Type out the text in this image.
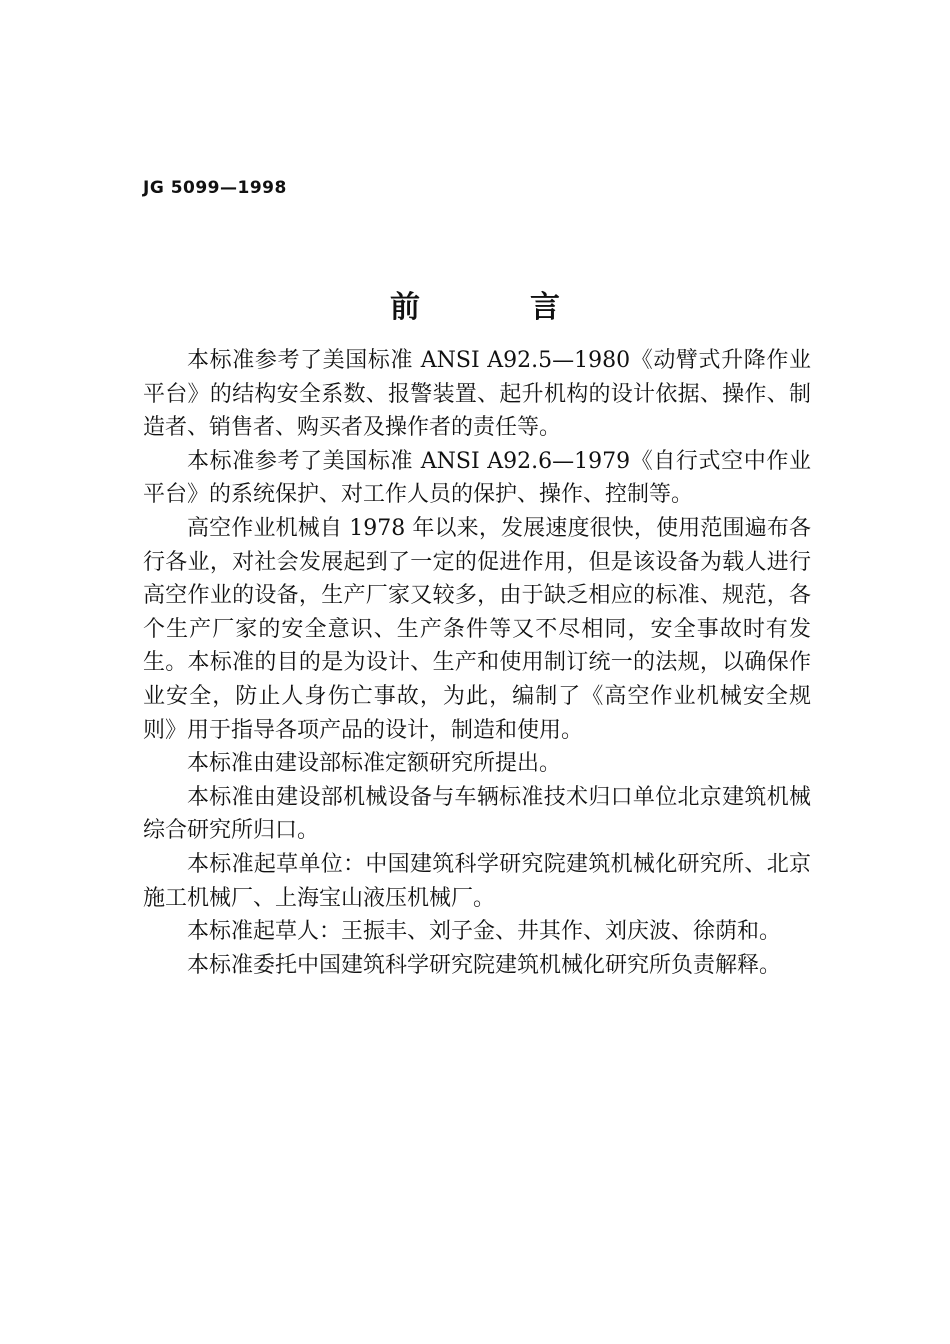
JG 5099—1998
前言

本标准参考了美国标准 ANSI A92.5—1980《动臂式升降作业平台》的结构安全系数、报警装置、起升机构的设计依据、操作、制造者、销售者、购买者及操作者的责任等。

本标准参考了美国标准 ANSI A92.6—1979《自行式空中作业平台》的系统保护、对工作人员的保护、操作、控制等。

高空作业机械自 1978 年以来，发展速度很快，使用范围遍布各行各业，对社会发展起到了一定的促进作用，但是该设备为载人进行高空作业的设备，生产厂家又较多，由于缺乏相应的标准、规范，各个生产厂家的安全意识、生产条件等又不尽相同，安全事故时有发生。本标准的目的是为设计、生产和使用制订统一的法规，以确保作业安全，防止人身伤亡事故，为此，编制了《高空作业机械安全规则》用于指导各项产品的设计，制造和使用。

本标准由建设部标准定额研究所提出。

本标准由建设部机械设备与车辆标准技术归口单位北京建筑机械综合研究所归口。

本标准起草单位：中国建筑科学研究院建筑机械化研究所、北京施工机械厂、上海宝山液压机械厂。

本标准起草人：王振丰、刘子金、井其作、刘庆波、徐荫和。

本标准委托中国建筑科学研究院建筑机械化研究所负责解释。
